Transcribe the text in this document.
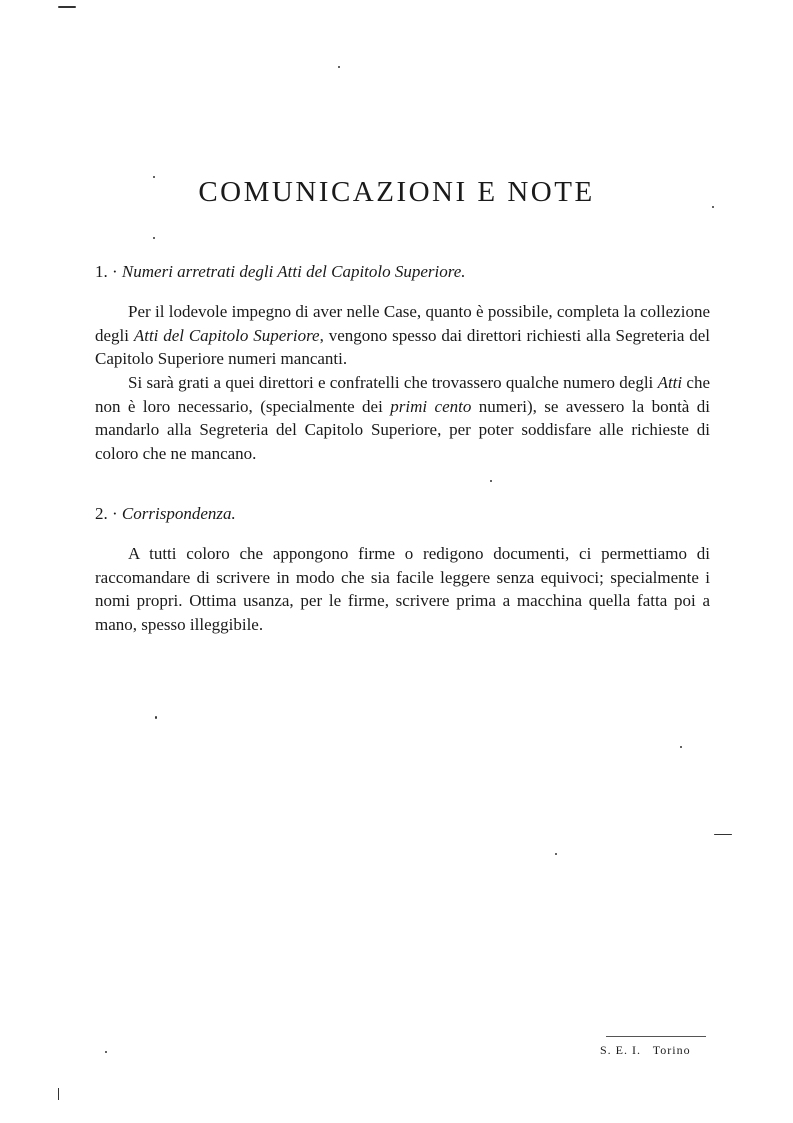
COMUNICAZIONI E NOTE

1. · Numeri arretrati degli Atti del Capitolo Superiore.

Per il lodevole impegno di aver nelle Case, quanto è possibile, completa la collezione degli Atti del Capitolo Superiore, vengono spesso dai direttori richiesti alla Segreteria del Capitolo Superiore numeri mancanti.

Si sarà grati a quei direttori e confratelli che trovassero qualche numero degli Atti che non è loro necessario, (specialmente dei primi cento numeri), se avessero la bontà di mandarlo alla Segreteria del Capitolo Superiore, per poter soddisfare alle richieste di coloro che ne mancano.

2. · Corrispondenza.

A tutti coloro che appongono firme o redigono documenti, ci permettiamo di raccomandare di scrivere in modo che sia facile leggere senza equivoci; specialmente i nomi propri. Ottima usanza, per le firme, scrivere prima a macchina quella fatta poi a mano, spesso illeggibile.

S. E. I.   Torino
